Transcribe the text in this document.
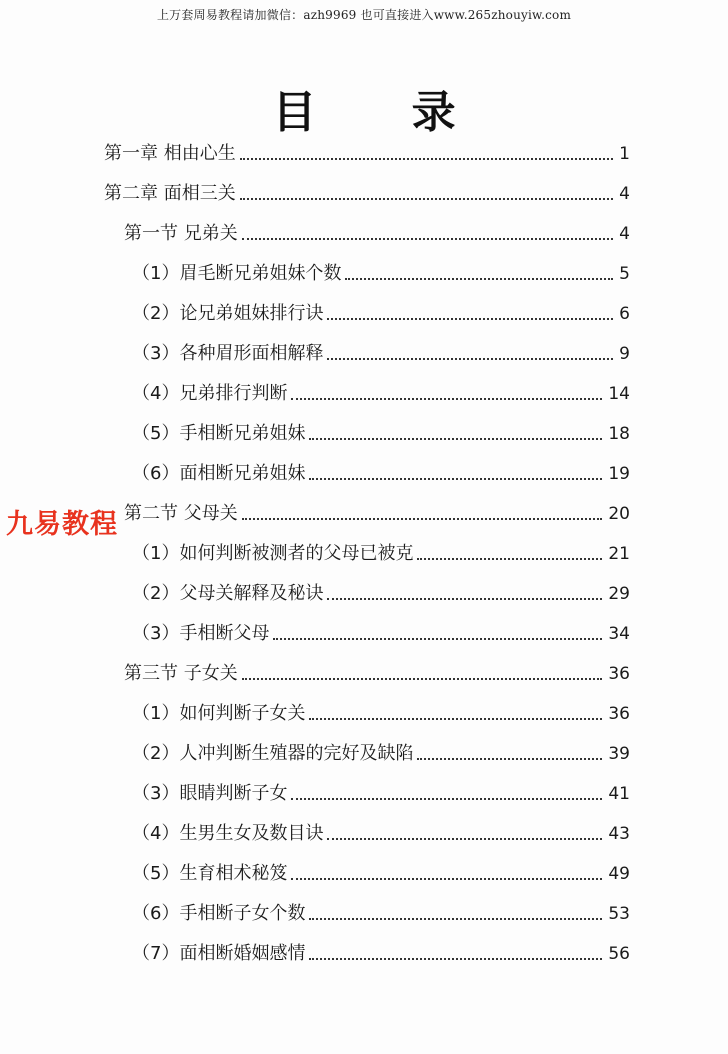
上万套周易教程请加微信：azh9969 也可直接进入www.265zhouyiw.com
目 录
第一章 相由心生	1
第二章 面相三关	4
第一节 兄弟关	4
（1）眉毛断兄弟姐妹个数	5
（2）论兄弟姐妹排行诀	6
（3）各种眉形面相解释	9
（4）兄弟排行判断	14
（5）手相断兄弟姐妹	18
（6）面相断兄弟姐妹	19
第二节 父母关	20
（1）如何判断被测者的父母已被克	21
（2）父母关解释及秘诀	29
（3）手相断父母	34
第三节 子女关	36
（1）如何判断子女关	36
（2）人冲判断生殖器的完好及缺陷	39
（3）眼睛判断子女	41
（4）生男生女及数目诀	43
（5）生育相术秘笈	49
（6）手相断子女个数	53
（7）面相断婚姻感情	56
九易教程
